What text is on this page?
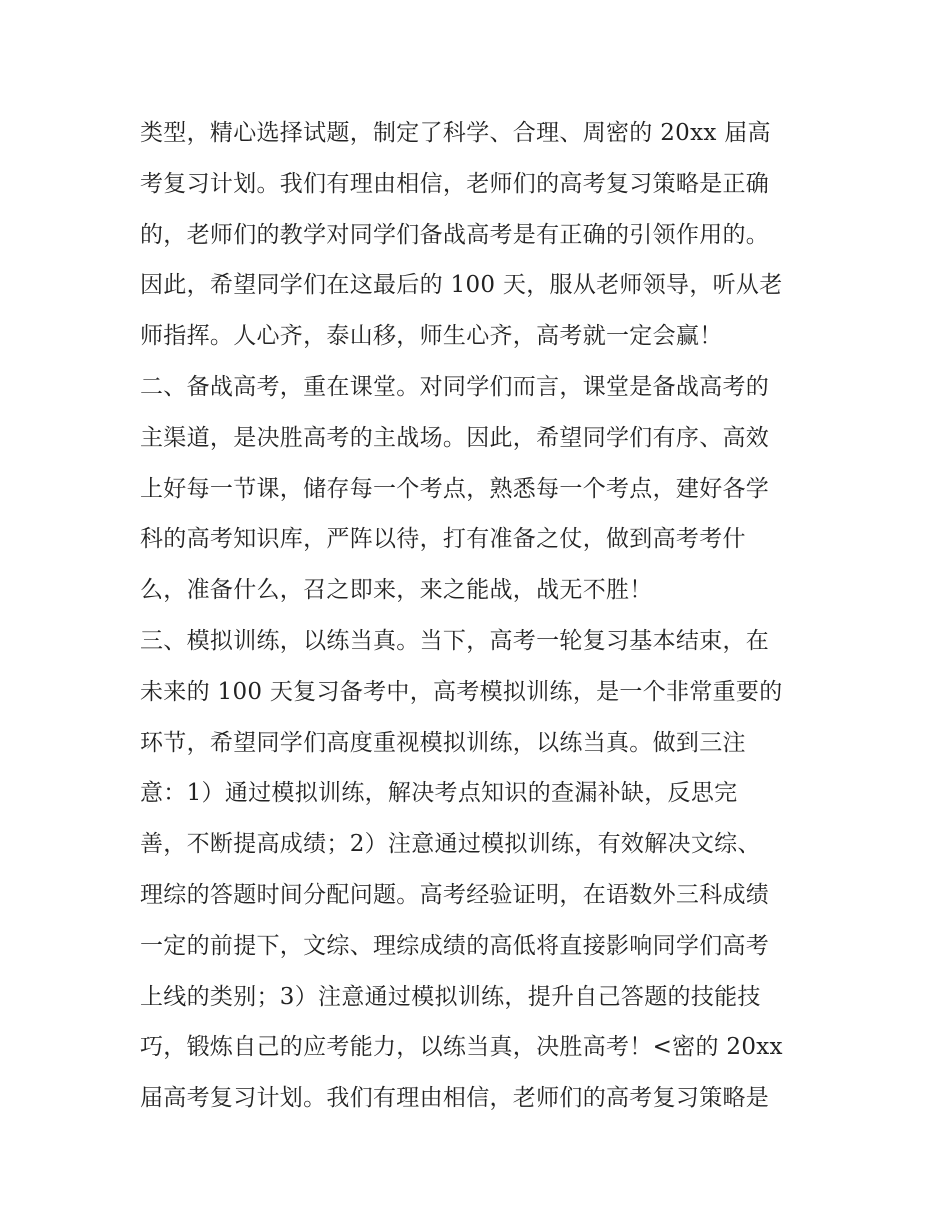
类型，精心选择试题，制定了科学、合理、周密的 20xx 届高
考复习计划。我们有理由相信，老师们的高考复习策略是正确
的，老师们的教学对同学们备战高考是有正确的引领作用的。
因此，希望同学们在这最后的 100 天，服从老师领导，听从老
师指挥。人心齐，泰山移，师生心齐，高考就一定会赢！
二、备战高考，重在课堂。对同学们而言，课堂是备战高考的
主渠道，是决胜高考的主战场。因此，希望同学们有序、高效
上好每一节课，储存每一个考点，熟悉每一个考点，建好各学
科的高考知识库，严阵以待，打有准备之仗，做到高考考什
么，准备什么，召之即来，来之能战，战无不胜！
三、模拟训练，以练当真。当下，高考一轮复习基本结束，在
未来的 100 天复习备考中，高考模拟训练，是一个非常重要的
环节，希望同学们高度重视模拟训练，以练当真。做到三注
意：1）通过模拟训练，解决考点知识的查漏补缺，反思完
善，不断提高成绩；2）注意通过模拟训练，有效解决文综、
理综的答题时间分配问题。高考经验证明，在语数外三科成绩
一定的前提下，文综、理综成绩的高低将直接影响同学们高考
上线的类别；3）注意通过模拟训练，提升自己答题的技能技
巧，锻炼自己的应考能力，以练当真，决胜高考！<密的 20xx
届高考复习计划。我们有理由相信，老师们的高考复习策略是
